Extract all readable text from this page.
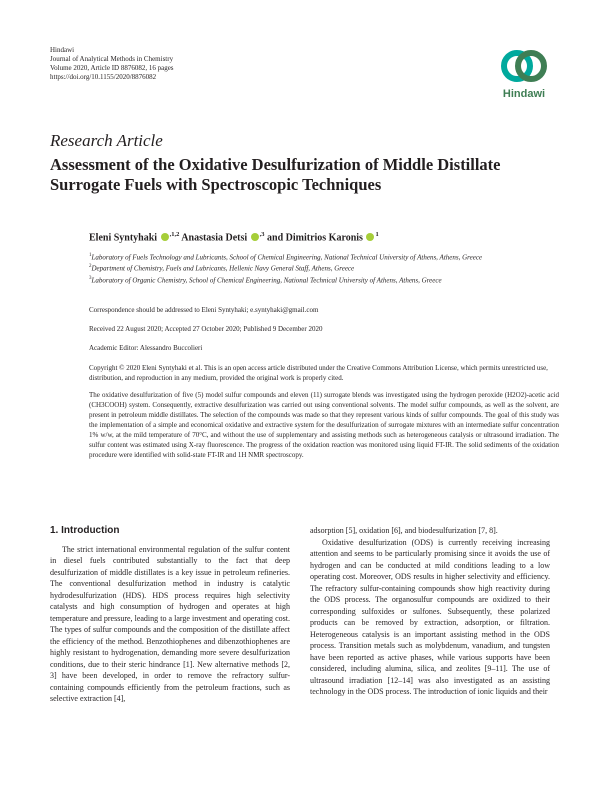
Hindawi
Journal of Analytical Methods in Chemistry
Volume 2020, Article ID 8876082, 16 pages
https://doi.org/10.1155/2020/8876082
Hindawi
Research Article
Assessment of the Oxidative Desulfurization of Middle Distillate Surrogate Fuels with Spectroscopic Techniques
Eleni Syntyhaki $^{,1,2}$ Anastasia Detsi $^{,3}$ and Dimitrios Karonis $^1$
$^1$Laboratory of Fuels Technology and Lubricants, School of Chemical Engineering, National Technical University of Athens, Athens, Greece
$^2$Department of Chemistry, Fuels and Lubricants, Hellenic Navy General Staff, Athens, Greece
$^3$Laboratory of Organic Chemistry, School of Chemical Engineering, National Technical University of Athens, Athens, Greece
Correspondence should be addressed to Eleni Syntyhaki; e.syntyhaki@gmail.com
Received 22 August 2020; Accepted 27 October 2020; Published 9 December 2020
Academic Editor: Alessandro Buccolieri
Copyright © 2020 Eleni Syntyhaki et al. This is an open access article distributed under the Creative Commons Attribution License, which permits unrestricted use, distribution, and reproduction in any medium, provided the original work is properly cited.
The oxidative desulfurization of five (5) model sulfur compounds and eleven (11) surrogate blends was investigated using the hydrogen peroxide (H2O2)-acetic acid (CH3COOH) system. Consequently, extractive desulfurization was carried out using conventional solvents. The model sulfur compounds, as well as the solvent, are present in petroleum middle distillates. The selection of the compounds was made so that they represent various kinds of sulfur compounds. The goal of this study was the implementation of a simple and economical oxidative and extractive system for the desulfurization of surrogate mixtures with an intermediate sulfur concentration 1% w/w, at the mild temperature of 70°C, and without the use of supplementary and assisting methods such as heterogeneous catalysis or ultrasound irradiation. The sulfur content was estimated using X-ray fluorescence. The progress of the oxidation reaction was monitored using liquid FT-IR. The solid sediments of the oxidation procedure were identified with solid-state FT-IR and 1H NMR spectroscopy.
1. Introduction

The strict international environmental regulation of the sulfur content in diesel fuels contributed substantially to the fact that deep desulfurization of middle distillates is a key issue in petroleum refineries. The conventional desulfurization method in industry is catalytic hydrodesulfurization (HDS). HDS process requires high selectivity catalysts and high consumption of hydrogen and operates at high temperature and pressure, leading to a large investment and operating cost. The types of sulfur compounds and the composition of the distillate affect the efficiency of the method. Benzothiophenes and dibenzothiophenes are highly resistant to hydrogenation, demanding more severe desulfurization conditions, due to their steric hindrance [1]. New alternative methods [2, 3] have been developed, in order to remove the refractory sulfur-containing compounds efficiently from the petroleum fractions, such as selective extraction [4],

adsorption [5], oxidation [6], and biodesulfurization [7, 8].

Oxidative desulfurization (ODS) is currently receiving increasing attention and seems to be particularly promising since it avoids the use of hydrogen and can be conducted at mild conditions leading to a low operating cost. Moreover, ODS results in higher selectivity and efficiency. The refractory sulfur-containing compounds show high reactivity during the ODS process. The organosulfur compounds are oxidized to their corresponding sulfoxides or sulfones. Subsequently, these polarized products can be removed by extraction, adsorption, or filtration. Heterogeneous catalysis is an important assisting method in the ODS process. Transition metals such as molybdenum, vanadium, and tungsten have been reported as active phases, while various supports have been considered, including alumina, silica, and zeolites [9–11]. The use of ultrasound irradiation [12–14] was also investigated as an assisting technology in the ODS process. The introduction of ionic liquids and their
